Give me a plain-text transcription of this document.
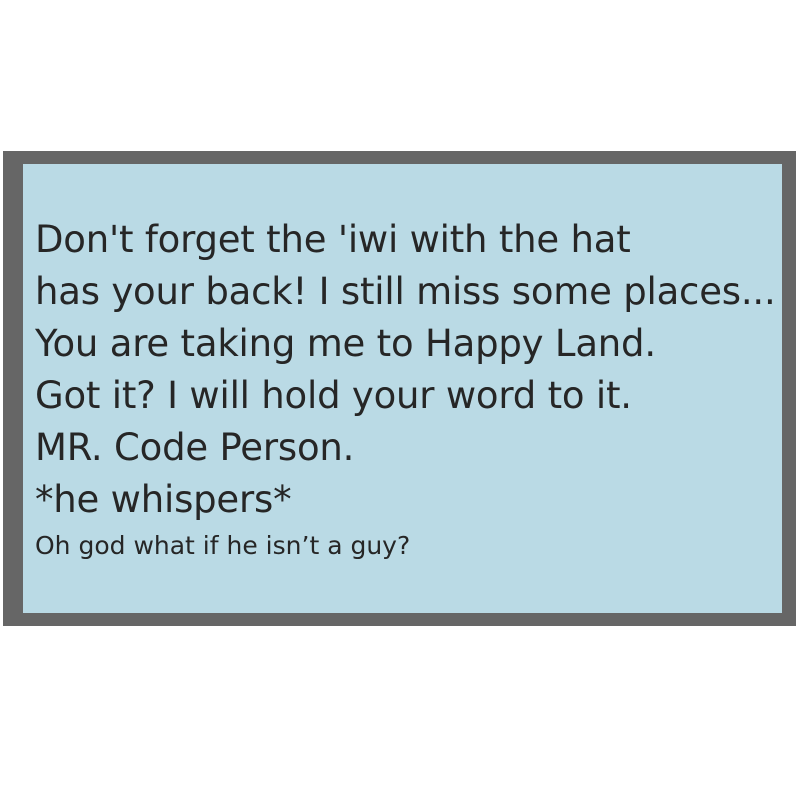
Don't forget the 'iwi with the hat
has your back! I still miss some places...
You are taking me to Happy Land.
Got it? I will hold your word to it.
MR. Code Person.
*he whispers*
Oh god what if he isn’t a guy?
